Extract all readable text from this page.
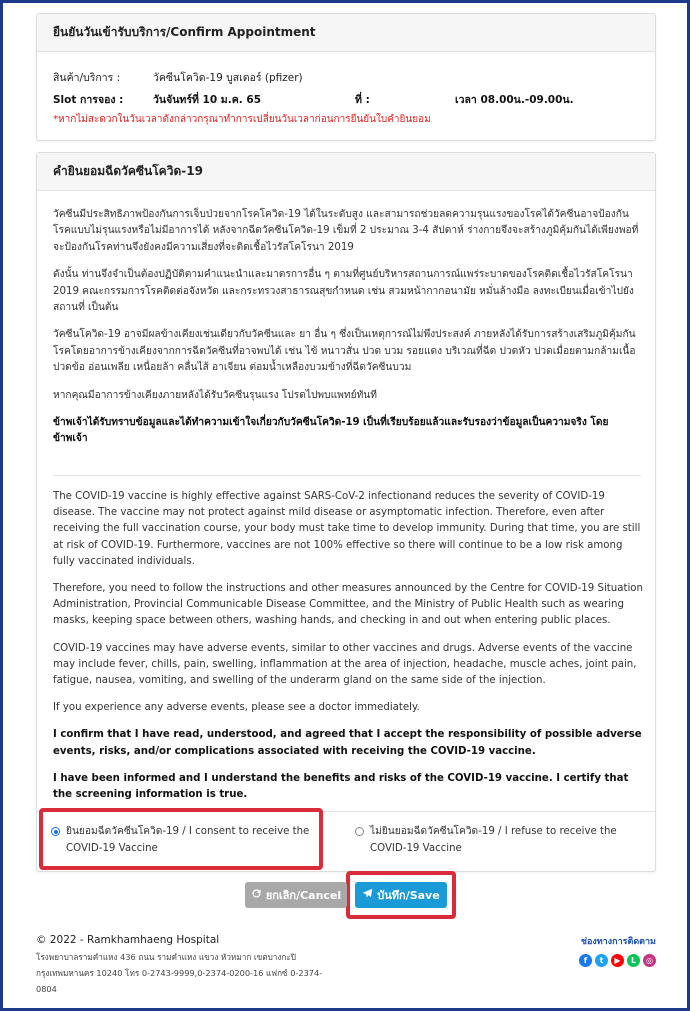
ยืนยันวันเข้ารับบริการ/Confirm Appointment
สินค้า/บริการ :	วัคซีนโควิด-19 บูสเตอร์ (pfizer)
Slot การจอง :	วันจันทร์ที่ 10 ม.ค. 65	ที่ :	เวลา 08.00น.-09.00น.
*หากไม่สะดวกในวันเวลาดังกล่าวกรุณาทำการเปลี่ยนวันเวลาก่อนการยืนยันใบคำยินยอม
คำยินยอมฉีดวัคซีนโควิด-19

วัคซีนมีประสิทธิภาพป้องกันการเจ็บป่วยจากโรคโควิด-19 ได้ในระดับสูง และสามารถช่วยลดความรุนแรงของโรคได้วัคซีนอาจป้องกันโรคแบบไม่รุนแรงหรือไม่มีอาการได้ หลังจากฉีดวัคซีนโควิด-19 เข็มที่ 2 ประมาณ 3-4 สัปดาห์ ร่างกายจึงจะสร้างภูมิคุ้มกันได้เพียงพอที่จะป้องกันโรคท่านจึงยังคงมีความเสี่ยงที่จะติดเชื้อไวรัสโคโรนา 2019

ดังนั้น ท่านจึงจำเป็นต้องปฏิบัติตามคำแนะนำและมาตรการอื่น ๆ ตามที่ศูนย์บริหารสถานการณ์แพร่ระบาดของโรคติดเชื้อไวรัสโคโรนา 2019 คณะกรรมการโรคติดต่อจังหวัด และกระทรวงสาธารณสุขกำหนด เช่น สวมหน้ากากอนามัย หมั่นล้างมือ ลงทะเบียนเมื่อเข้าไปยังสถานที่ เป็นต้น

วัคซีนโควิด-19 อาจมีผลข้างเคียงเช่นเดียวกับวัคซีนและ ยา อื่น ๆ ซึ่งเป็นเหตุการณ์ไม่พึงประสงค์ ภายหลังได้รับการสร้างเสริมภูมิคุ้มกันโรคโดยอาการข้างเคียงจากการฉีดวัคซีนที่อาจพบได้ เช่น ไข้ หนาวสั่น ปวด บวม รอยแดง บริเวณที่ฉีด ปวดหัว ปวดเมื่อยตามกล้ามเนื้อ ปวดข้อ อ่อนเพลีย เหนื่อยล้า คลื่นไส้ อาเจียน ต่อมน้ำเหลืองบวมข้างที่ฉีดวัคซีนบวม

หากคุณมีอาการข้างเคียงภายหลังได้รับวัคซีนรุนแรง โปรดไปพบแพทย์ทันที

ข้าพเจ้าได้รับทราบข้อมูลและได้ทำความเข้าใจเกี่ยวกับวัคซีนโควิด-19 เป็นที่เรียบร้อยแล้วและรับรองว่าข้อมูลเป็นความจริง โดยข้าพเจ้า

The COVID-19 vaccine is highly effective against SARS-CoV-2 infectionand reduces the severity of COVID-19 disease. The vaccine may not protect against mild disease or asymptomatic infection. Therefore, even after receiving the full vaccination course, your body must take time to develop immunity. During that time, you are still at risk of COVID-19. Furthermore, vaccines are not 100% effective so there will continue to be a low risk among fully vaccinated individuals.

Therefore, you need to follow the instructions and other measures announced by the Centre for COVID-19 Situation Administration, Provincial Communicable Disease Committee, and the Ministry of Public Health such as wearing masks, keeping space between others, washing hands, and checking in and out when entering public places.

COVID-19 vaccines may have adverse events, similar to other vaccines and drugs. Adverse events of the vaccine may include fever, chills, pain, swelling, inflammation at the area of injection, headache, muscle aches, joint pain, fatigue, nausea, vomiting, and swelling of the underarm gland on the same side of the injection.

If you experience any adverse events, please see a doctor immediately.

I confirm that I have read, understood, and agreed that I accept the responsibility of possible adverse events, risks, and/or complications associated with receiving the COVID-19 vaccine.

I have been informed and I understand the benefits and risks of the COVID-19 vaccine. I certify that the screening information is true.

ยินยอมฉีดวัคซีนโควิด-19 / I consent to receive the COVID-19 Vaccine
ไม่ยินยอมฉีดวัคซีนโควิด-19 / I refuse to receive the COVID-19 Vaccine
ยกเลิก/Cancel	บันทึก/Save
© 2022 - Ramkhamhaeng Hospital
โรงพยาบาลรามคำแหง 436 ถนน รามคำแหง แขวง หัวหมาก เขตบางกะปิ กรุงเทพมหานคร 10240 โทร 0-2743-9999,0-2374-0200-16 แฟกซ์ 0-2374-0804
ช่องทางการติดตาม
f	t	▶	L	◎
